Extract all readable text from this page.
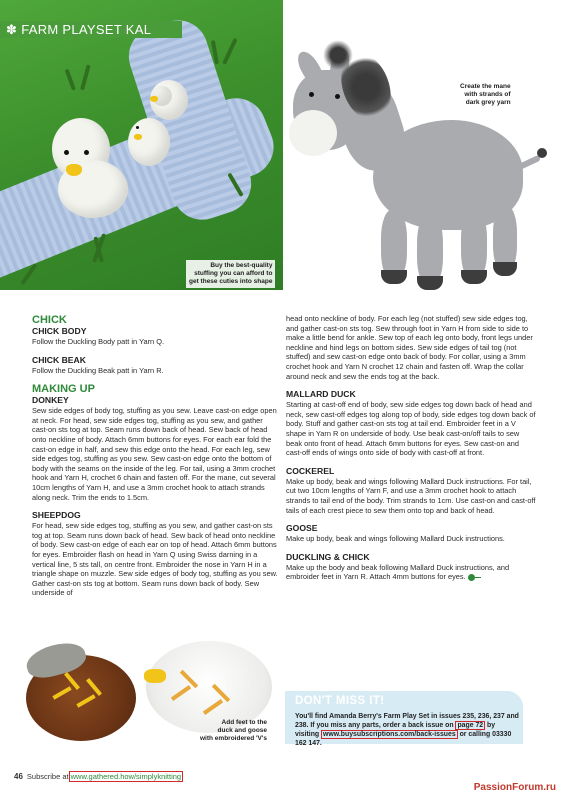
✽ FARM PLAYSET KAL
Buy the best-quality
stuffing you can afford to
get these cuties into shape
Create the mane
with strands of
dark grey yarn
CHICK
CHICK BODY

Follow the Duckling Body patt in Yarn Q.

CHICK BEAK

Follow the Duckling Beak patt in Yarn R.

MAKING UP
DONKEY

Sew side edges of body tog, stuffing as you sew. Leave cast-on edge open at neck. For head, sew side edges tog, stuffing as you sew, and gather cast-on sts tog at top. Seam runs down back of head. Sew back of head onto neckline of body. Attach 6mm buttons for eyes. For each ear fold the cast-on edge in half, and sew this edge onto the head. For each leg, sew side edges tog, stuffing as you sew. Sew cast-on edge onto the bottom of body with the seams on the inside of the leg. For tail, using a 3mm crochet hook and Yarn H, crochet 6 chain and fasten off. For the mane, cut several 10cm lengths of Yarn H, and use a 3mm crochet hook to attach strands along neck. Trim the ends to 1.5cm.

SHEEPDOG

For head, sew side edges tog, stuffing as you sew, and gather cast-on sts tog at top. Seam runs down back of head. Sew back of head onto neckline of body. Sew cast-on edge of each ear on top of head. Attach 6mm buttons for eyes. Embroider flash on head in Yarn Q using Swiss darning in a vertical line, 5 sts tall, on centre front. Embroider the nose in Yarn H in a triangle shape on muzzle. Sew side edges of body tog, stuffing as you sew. Gather cast-on sts tog at bottom. Seam runs down back of body. Sew underside of

head onto neckline of body. For each leg (not stuffed) sew side edges tog, and gather cast-on sts tog. Sew through foot in Yarn H from side to side to make a little bend for ankle. Sew top of each leg onto body, front legs under neckline and hind legs on bottom sides. Sew side edges of tail tog (not stuffed) and sew cast-on edge onto back of body. For collar, using a 3mm crochet hook and Yarn N crochet 12 chain and fasten off. Wrap the collar around neck and sew the ends tog at the back.

MALLARD DUCK

Starting at cast-off end of body, sew side edges tog down back of head and neck, sew cast-off edges tog along top of body, side edges tog down back of body. Stuff and gather cast-on sts tog at tail end. Embroider feet in a V shape in Yarn R on underside of body. Use beak cast-on/off tails to sew beak onto front of head. Attach 6mm buttons for eyes. Sew cast-on and cast-off ends of wings onto side of body with cast-off at front.

COCKEREL

Make up body, beak and wings following Mallard Duck instructions. For tail, cut two 10cm lengths of Yarn F, and use a 3mm crochet hook to attach strands to tail end of the body. Trim strands to 1cm. Use cast-on and cast-off tails of each crest piece to sew them onto top and back of head.

GOOSE

Make up body, beak and wings following Mallard Duck instructions.

DUCKLING & CHICK

Make up the body and beak following Mallard Duck instructions, and embroider feet in Yarn R. Attach 4mm buttons for eyes.

Add feet to the
duck and goose
with embroidered 'V's
DON'T MISS IT!
You'll find Amanda Berry's Farm Play Set in issues 235, 236, 237 and 238. If you miss any parts, order a back issue on page 72 by visiting www.buysubscriptions.com/back-issues or calling 03330 162 147.
46 Subscribe at www.gathered.how/simplyknitting
PassionForum.ru
